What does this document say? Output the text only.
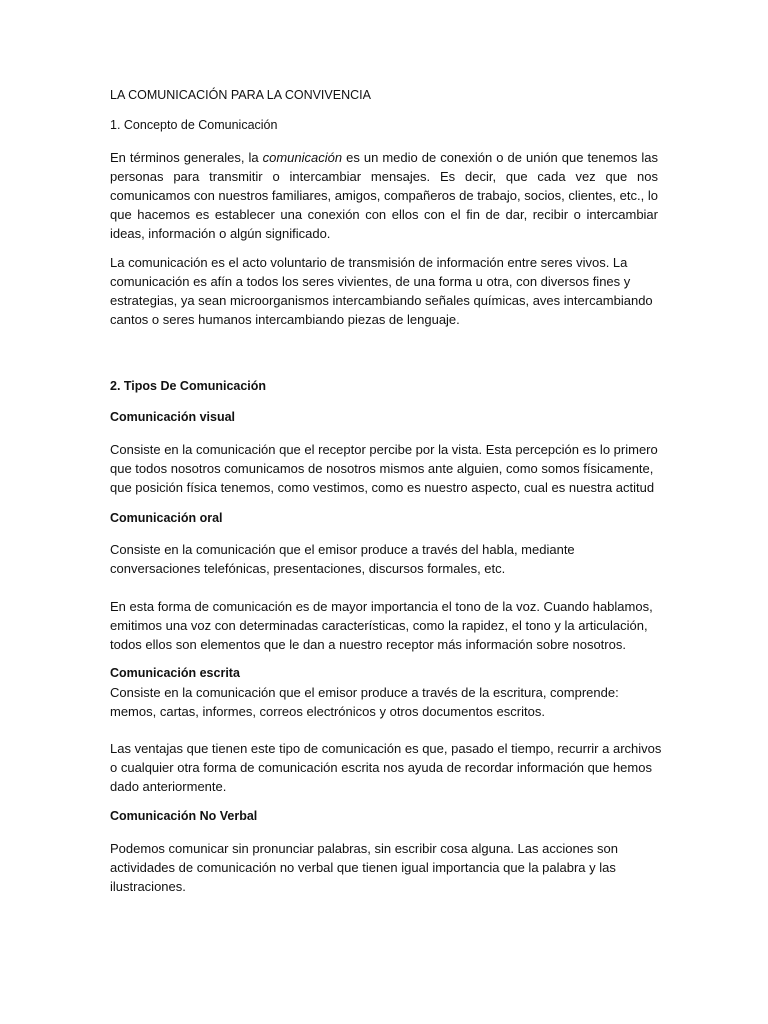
LA COMUNICACIÓN PARA LA CONVIVENCIA

1. Concepto de Comunicación

En términos generales, la comunicación es un medio de conexión o de unión que tenemos las

personas para transmitir o intercambiar mensajes. Es decir, que cada vez que nos

comunicamos con nuestros familiares, amigos, compañeros de trabajo, socios, clientes, etc., lo

que hacemos es establecer una conexión con ellos con el fin de dar, recibir o intercambiar

ideas, información o algún significado.

La comunicación es el acto voluntario de transmisión de información entre seres vivos. La

comunicación es afín a todos los seres vivientes, de una forma u otra, con diversos fines y

estrategias, ya sean microorganismos intercambiando señales químicas, aves intercambiando

cantos o seres humanos intercambiando piezas de lenguaje.

2. Tipos De Comunicación

Comunicación visual

Consiste en la comunicación que el receptor percibe por la vista. Esta percepción es lo primero

que todos nosotros comunicamos de nosotros mismos ante alguien, como somos físicamente,

que posición física tenemos, como vestimos, como es nuestro aspecto, cual es nuestra actitud

Comunicación oral

Consiste en la comunicación que el emisor produce a través del habla, mediante

conversaciones telefónicas, presentaciones, discursos formales, etc.

En esta forma de comunicación es de mayor importancia el tono de la voz. Cuando hablamos,

emitimos una voz con determinadas características, como la rapidez, el tono y la articulación,

todos ellos son elementos que le dan a nuestro receptor más información sobre nosotros.

Comunicación escrita

Consiste en la comunicación que el emisor produce a través de la escritura, comprende:

memos, cartas, informes, correos electrónicos y otros documentos escritos.

Las ventajas que tienen este tipo de comunicación es que, pasado el tiempo, recurrir a archivos

o cualquier otra forma de comunicación escrita nos ayuda de recordar información que hemos

dado anteriormente.

Comunicación No Verbal

Podemos comunicar sin pronunciar palabras, sin escribir cosa alguna. Las acciones son

actividades de comunicación no verbal que tienen igual importancia que la palabra y las

ilustraciones.
